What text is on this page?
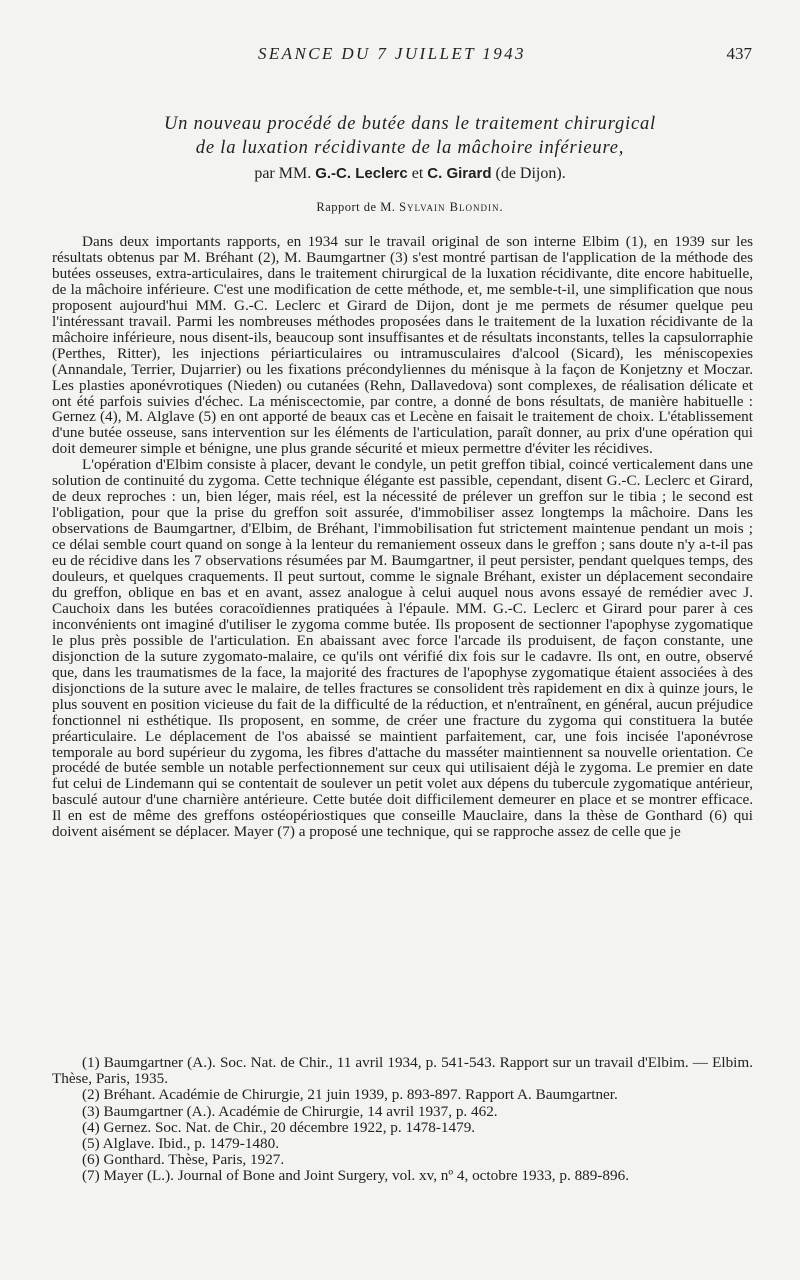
SEANCE DU 7 JUILLET 1943	437
Un nouveau procédé de butée dans le traitement chirurgical
de la luxation récidivante de la mâchoire inférieure,
par MM. G.-C. Leclerc et C. Girard (de Dijon).
Rapport de M. Sylvain Blondin.

Dans deux importants rapports, en 1934 sur le travail original de son interne Elbim (1), en 1939 sur les résultats obtenus par M. Bréhant (2), M. Baumgartner (3) s'est montré partisan de l'application de la méthode des butées osseuses, extra-articulaires, dans le traitement chirurgical de la luxation récidivante, dite encore habituelle, de la mâchoire inférieure. C'est une modification de cette méthode, et, me semble-t-il, une simplification que nous proposent aujourd'hui MM. G.-C. Leclerc et Girard de Dijon, dont je me permets de résumer quelque peu l'intéressant travail. Parmi les nombreuses méthodes proposées dans le traitement de la luxation récidivante de la mâchoire inférieure, nous disent-ils, beaucoup sont insuffisantes et de résultats inconstants, telles la capsulorraphie (Perthes, Ritter), les injections périarticulaires ou intramusculaires d'alcool (Sicard), les méniscopexies (Annandale, Terrier, Dujarrier) ou les fixations précondyliennes du ménisque à la façon de Konjetzny et Moczar. Les plasties aponévrotiques (Nieden) ou cutanées (Rehn, Dallavedova) sont complexes, de réalisation délicate et ont été parfois suivies d'échec. La méniscectomie, par contre, a donné de bons résultats, de manière habituelle : Gernez (4), M. Alglave (5) en ont apporté de beaux cas et Lecène en faisait le traitement de choix. L'établissement d'une butée osseuse, sans intervention sur les éléments de l'articulation, paraît donner, au prix d'une opération qui doit demeurer simple et bénigne, une plus grande sécurité et mieux permettre d'éviter les récidives.

L'opération d'Elbim consiste à placer, devant le condyle, un petit greffon tibial, coincé verticalement dans une solution de continuité du zygoma. Cette technique élégante est passible, cependant, disent G.-C. Leclerc et Girard, de deux reproches : un, bien léger, mais réel, est la nécessité de prélever un greffon sur le tibia ; le second est l'obligation, pour que la prise du greffon soit assurée, d'immobiliser assez longtemps la mâchoire. Dans les observations de Baumgartner, d'Elbim, de Bréhant, l'immobilisation fut strictement maintenue pendant un mois ; ce délai semble court quand on songe à la lenteur du remaniement osseux dans le greffon ; sans doute n'y a-t-il pas eu de récidive dans les 7 observations résumées par M. Baumgartner, il peut persister, pendant quelques temps, des douleurs, et quelques craquements. Il peut surtout, comme le signale Bréhant, exister un déplacement secondaire du greffon, oblique en bas et en avant, assez analogue à celui auquel nous avons essayé de remédier avec J. Cauchoix dans les butées coracoïdiennes pratiquées à l'épaule. MM. G.-C. Leclerc et Girard pour parer à ces inconvénients ont imaginé d'utiliser le zygoma comme butée. Ils proposent de sectionner l'apophyse zygomatique le plus près possible de l'articulation. En abaissant avec force l'arcade ils produisent, de façon constante, une disjonction de la suture zygomato-malaire, ce qu'ils ont vérifié dix fois sur le cadavre. Ils ont, en outre, observé que, dans les traumatismes de la face, la majorité des fractures de l'apophyse zygomatique étaient associées à des disjonctions de la suture avec le malaire, de telles fractures se consolident très rapidement en dix à quinze jours, le plus souvent en position vicieuse du fait de la difficulté de la réduction, et n'entraînent, en général, aucun préjudice fonctionnel ni esthétique. Ils proposent, en somme, de créer une fracture du zygoma qui constituera la butée préarticulaire. Le déplacement de l'os abaissé se maintient parfaitement, car, une fois incisée l'aponévrose temporale au bord supérieur du zygoma, les fibres d'attache du masséter maintiennent sa nouvelle orientation. Ce procédé de butée semble un notable perfectionnement sur ceux qui utilisaient déjà le zygoma. Le premier en date fut celui de Lindemann qui se contentait de soulever un petit volet aux dépens du tubercule zygomatique antérieur, basculé autour d'une charnière antérieure. Cette butée doit difficilement demeurer en place et se montrer efficace. Il en est de même des greffons ostéopériostiques que conseille Mauclaire, dans la thèse de Gonthard (6) qui doivent aisément se déplacer. Mayer (7) a proposé une technique, qui se rapproche assez de celle que je

(1) Baumgartner (A.). Soc. Nat. de Chir., 11 avril 1934, p. 541-543. Rapport sur un travail d'Elbim. — Elbim. Thèse, Paris, 1935.

(2) Bréhant. Académie de Chirurgie, 21 juin 1939, p. 893-897. Rapport A. Baumgartner.

(3) Baumgartner (A.). Académie de Chirurgie, 14 avril 1937, p. 462.

(4) Gernez. Soc. Nat. de Chir., 20 décembre 1922, p. 1478-1479.

(5) Alglave. Ibid., p. 1479-1480.

(6) Gonthard. Thèse, Paris, 1927.

(7) Mayer (L.). Journal of Bone and Joint Surgery, vol. xv, nº 4, octobre 1933, p. 889-896.
